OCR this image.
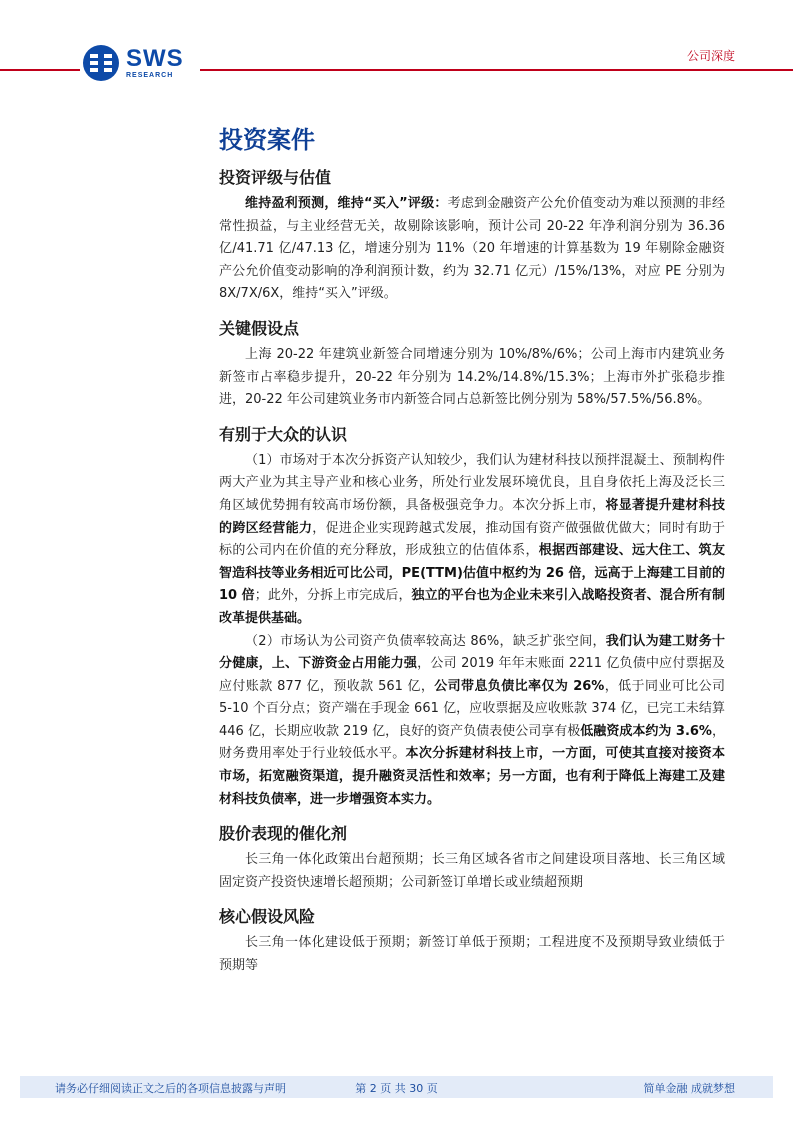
SWS
RESEARCH
公司深度
投资案件
投资评级与估值

维持盈利预测，维持“买入”评级：考虑到金融资产公允价值变动为难以预测的非经常性损益，与主业经营无关，故剔除该影响，预计公司 20-22 年净利润分别为 36.36 亿/41.71 亿/47.13 亿，增速分别为 11%（20 年增速的计算基数为 19 年剔除金融资产公允价值变动影响的净利润预计数，约为 32.71 亿元）/15%/13%，对应 PE 分别为 8X/7X/6X，维持“买入”评级。

关键假设点

上海 20-22 年建筑业新签合同增速分别为 10%/8%/6%；公司上海市内建筑业务新签市占率稳步提升，20-22 年分别为 14.2%/14.8%/15.3%；上海市外扩张稳步推进，20-22 年公司建筑业务市内新签合同占总新签比例分别为 58%/57.5%/56.8%。

有别于大众的认识

（1）市场对于本次分拆资产认知较少，我们认为建材科技以预拌混凝土、预制构件两大产业为其主导产业和核心业务，所处行业发展环境优良，且自身依托上海及泛长三角区域优势拥有较高市场份额，具备极强竞争力。本次分拆上市，将显著提升建材科技的跨区经营能力，促进企业实现跨越式发展，推动国有资产做强做优做大；同时有助于标的公司内在价值的充分释放，形成独立的估值体系，根据西部建设、远大住工、筑友智造科技等业务相近可比公司，PE(TTM)估值中枢约为 26 倍，远高于上海建工目前的 10 倍；此外，分拆上市完成后，独立的平台也为企业未来引入战略投资者、混合所有制改革提供基础。

（2）市场认为公司资产负债率较高达 86%，缺乏扩张空间，我们认为建工财务十分健康，上、下游资金占用能力强，公司 2019 年年末账面 2211 亿负债中应付票据及应付账款 877 亿，预收款 561 亿，公司带息负债比率仅为 26%，低于同业可比公司 5-10 个百分点；资产端在手现金 661 亿，应收票据及应收账款 374 亿，已完工未结算 446 亿，长期应收款 219 亿，良好的资产负债表使公司享有极低融资成本约为 3.6%，财务费用率处于行业较低水平。本次分拆建材科技上市，一方面，可使其直接对接资本市场，拓宽融资渠道，提升融资灵活性和效率；另一方面，也有利于降低上海建工及建材科技负债率，进一步增强资本实力。

股价表现的催化剂

长三角一体化政策出台超预期；长三角区域各省市之间建设项目落地、长三角区域固定资产投资快速增长超预期；公司新签订单增长或业绩超预期

核心假设风险

长三角一体化建设低于预期；新签订单低于预期；工程进度不及预期导致业绩低于预期等

请务必仔细阅读正文之后的各项信息披露与声明	第 2 页 共 30 页	简单金融 成就梦想
